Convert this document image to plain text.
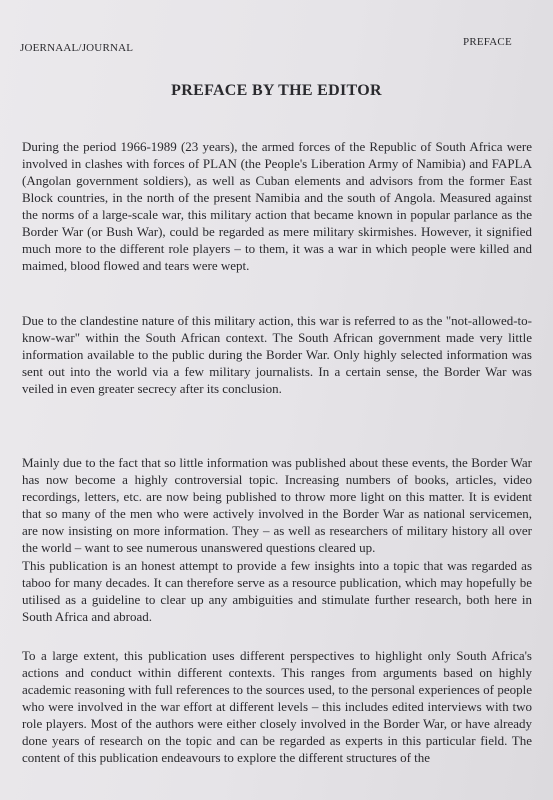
JOERNAAL/JOURNAL	PREFACE
PREFACE BY THE EDITOR

During the period 1966-1989 (23 years), the armed forces of the Republic of South Africa were involved in clashes with forces of PLAN (the People's Liberation Army of Namibia) and FAPLA (Angolan government soldiers), as well as Cuban elements and advisors from the former East Block countries, in the north of the present Namibia and the south of Angola. Measured against the norms of a large-scale war, this military action that became known in popular parlance as the Border War (or Bush War), could be regarded as mere military skirmishes. However, it signified much more to the different role players – to them, it was a war in which people were killed and maimed, blood flowed and tears were wept.

Due to the clandestine nature of this military action, this war is referred to as the "not-allowed-to-know-war" within the South African context. The South African government made very little information available to the public during the Border War. Only highly selected information was sent out into the world via a few military journalists. In a certain sense, the Border War was veiled in even greater secrecy after its conclusion.

Mainly due to the fact that so little information was published about these events, the Border War has now become a highly controversial topic. Increasing numbers of books, articles, video recordings, letters, etc. are now being published to throw more light on this matter. It is evident that so many of the men who were actively involved in the Border War as national servicemen, are now insisting on more information. They – as well as researchers of military history all over the world – want to see numerous unanswered questions cleared up.

This publication is an honest attempt to provide a few insights into a topic that was regarded as taboo for many decades. It can therefore serve as a resource publication, which may hopefully be utilised as a guideline to clear up any ambiguities and stimulate further research, both here in South Africa and abroad.

To a large extent, this publication uses different perspectives to highlight only South Africa's actions and conduct within different contexts. This ranges from arguments based on highly academic reasoning with full references to the sources used, to the personal experiences of people who were involved in the war effort at different levels – this includes edited interviews with two role players. Most of the authors were either closely involved in the Border War, or have already done years of research on the topic and can be regarded as experts in this particular field. The content of this publication endeavours to explore the different structures of the
